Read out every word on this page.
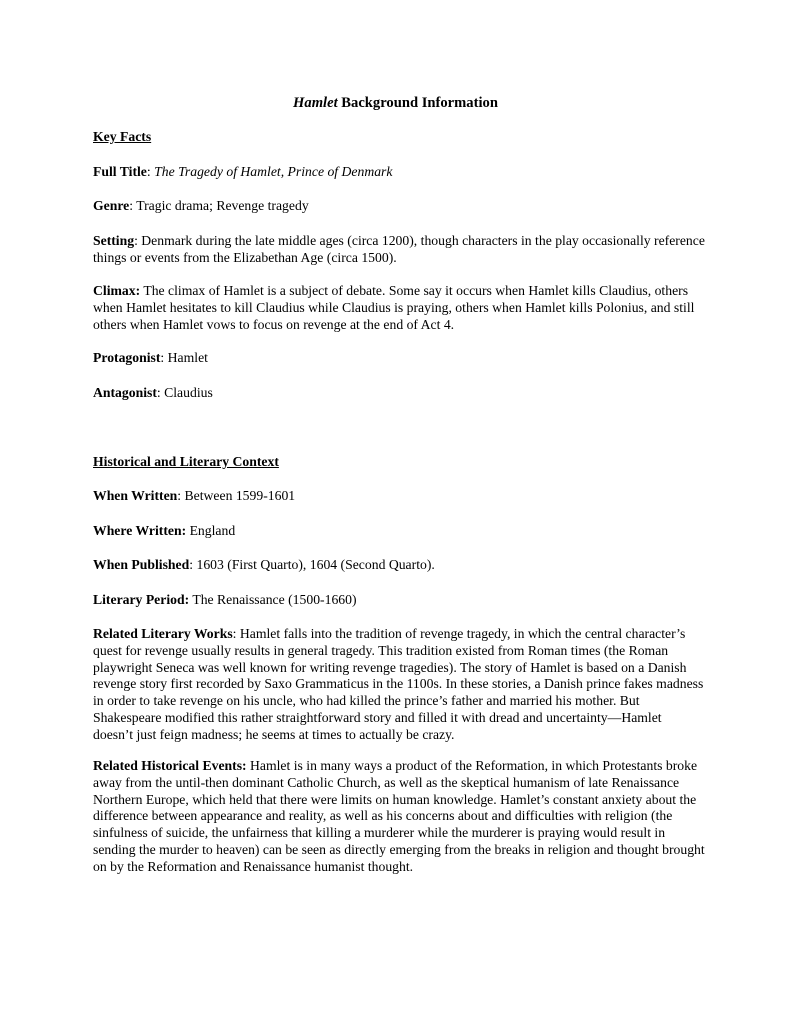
Hamlet Background Information
Key Facts

Full Title: The Tragedy of Hamlet, Prince of Denmark

Genre: Tragic drama; Revenge tragedy

Setting: Denmark during the late middle ages (circa 1200), though characters in the play occasionally reference things or events from the Elizabethan Age (circa 1500).

Climax: The climax of Hamlet is a subject of debate. Some say it occurs when Hamlet kills Claudius, others when Hamlet hesitates to kill Claudius while Claudius is praying, others when Hamlet kills Polonius, and still others when Hamlet vows to focus on revenge at the end of Act 4.

Protagonist: Hamlet

Antagonist: Claudius

Historical and Literary Context

When Written: Between 1599-1601

Where Written: England

When Published: 1603 (First Quarto), 1604 (Second Quarto).

Literary Period: The Renaissance (1500-1660)

Related Literary Works: Hamlet falls into the tradition of revenge tragedy, in which the central character’s quest for revenge usually results in general tragedy. This tradition existed from Roman times (the Roman playwright Seneca was well known for writing revenge tragedies). The story of Hamlet is based on a Danish revenge story first recorded by Saxo Grammaticus in the 1100s. In these stories, a Danish prince fakes madness in order to take revenge on his uncle, who had killed the prince’s father and married his mother. But Shakespeare modified this rather straightforward story and filled it with dread and uncertainty—Hamlet doesn’t just feign madness; he seems at times to actually be crazy.

Related Historical Events: Hamlet is in many ways a product of the Reformation, in which Protestants broke away from the until-then dominant Catholic Church, as well as the skeptical humanism of late Renaissance Northern Europe, which held that there were limits on human knowledge. Hamlet’s constant anxiety about the difference between appearance and reality, as well as his concerns about and difficulties with religion (the sinfulness of suicide, the unfairness that killing a murderer while the murderer is praying would result in sending the murder to heaven) can be seen as directly emerging from the breaks in religion and thought brought on by the Reformation and Renaissance humanist thought.
